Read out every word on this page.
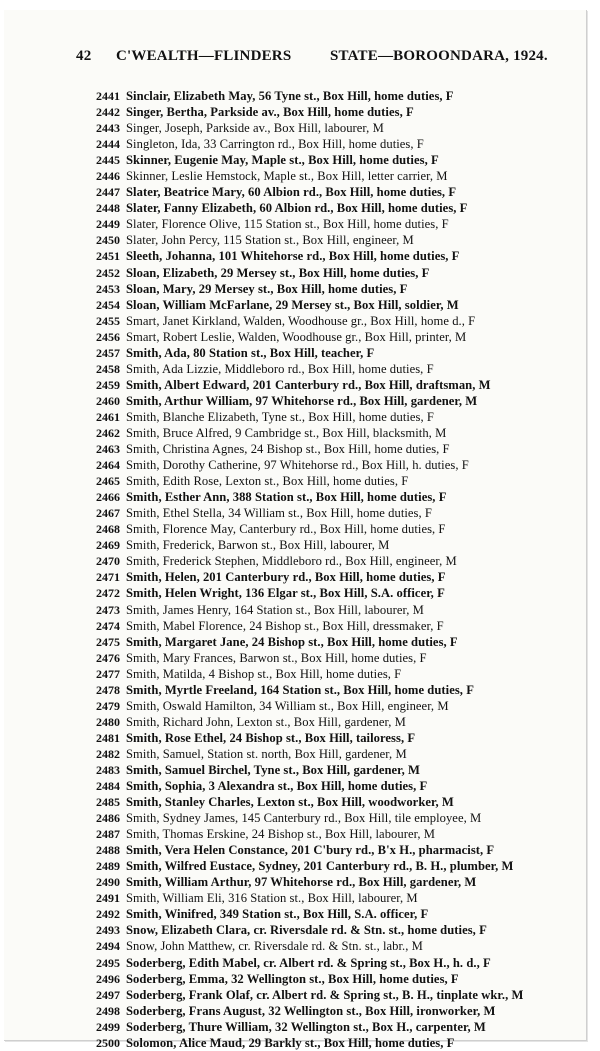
42 C'WEALTH—FLINDERS	STATE—BOROONDARA, 1924.
2441 Sinclair, Elizabeth May, 56 Tyne st., Box Hill, home duties, F
2442 Singer, Bertha, Parkside av., Box Hill, home duties, F
2443 Singer, Joseph, Parkside av., Box Hill, labourer, M
2444 Singleton, Ida, 33 Carrington rd., Box Hill, home duties, F
2445 Skinner, Eugenie May, Maple st., Box Hill, home duties, F
2446 Skinner, Leslie Hemstock, Maple st., Box Hill, letter carrier, M
2447 Slater, Beatrice Mary, 60 Albion rd., Box Hill, home duties, F
2448 Slater, Fanny Elizabeth, 60 Albion rd., Box Hill, home duties, F
2449 Slater, Florence Olive, 115 Station st., Box Hill, home duties, F
2450 Slater, John Percy, 115 Station st., Box Hill, engineer, M
2451 Sleeth, Johanna, 101 Whitehorse rd., Box Hill, home duties, F
2452 Sloan, Elizabeth, 29 Mersey st., Box Hill, home duties, F
2453 Sloan, Mary, 29 Mersey st., Box Hill, home duties, F
2454 Sloan, William McFarlane, 29 Mersey st., Box Hill, soldier, M
2455 Smart, Janet Kirkland, Walden, Woodhouse gr., Box Hill, home d., F
2456 Smart, Robert Leslie, Walden, Woodhouse gr., Box Hill, printer, M
2457 Smith, Ada, 80 Station st., Box Hill, teacher, F
2458 Smith, Ada Lizzie, Middleboro rd., Box Hill, home duties, F
2459 Smith, Albert Edward, 201 Canterbury rd., Box Hill, draftsman, M
2460 Smith, Arthur William, 97 Whitehorse rd., Box Hill, gardener, M
2461 Smith, Blanche Elizabeth, Tyne st., Box Hill, home duties, F
2462 Smith, Bruce Alfred, 9 Cambridge st., Box Hill, blacksmith, M
2463 Smith, Christina Agnes, 24 Bishop st., Box Hill, home duties, F
2464 Smith, Dorothy Catherine, 97 Whitehorse rd., Box Hill, h. duties, F
2465 Smith, Edith Rose, Lexton st., Box Hill, home duties, F
2466 Smith, Esther Ann, 388 Station st., Box Hill, home duties, F
2467 Smith, Ethel Stella, 34 William st., Box Hill, home duties, F
2468 Smith, Florence May, Canterbury rd., Box Hill, home duties, F
2469 Smith, Frederick, Barwon st., Box Hill, labourer, M
2470 Smith, Frederick Stephen, Middleboro rd., Box Hill, engineer, M
2471 Smith, Helen, 201 Canterbury rd., Box Hill, home duties, F
2472 Smith, Helen Wright, 136 Elgar st., Box Hill, S.A. officer, F
2473 Smith, James Henry, 164 Station st., Box Hill, labourer, M
2474 Smith, Mabel Florence, 24 Bishop st., Box Hill, dressmaker, F
2475 Smith, Margaret Jane, 24 Bishop st., Box Hill, home duties, F
2476 Smith, Mary Frances, Barwon st., Box Hill, home duties, F
2477 Smith, Matilda, 4 Bishop st., Box Hill, home duties, F
2478 Smith, Myrtle Freeland, 164 Station st., Box Hill, home duties, F
2479 Smith, Oswald Hamilton, 34 William st., Box Hill, engineer, M
2480 Smith, Richard John, Lexton st., Box Hill, gardener, M
2481 Smith, Rose Ethel, 24 Bishop st., Box Hill, tailoress, F
2482 Smith, Samuel, Station st. north, Box Hill, gardener, M
2483 Smith, Samuel Birchel, Tyne st., Box Hill, gardener, M
2484 Smith, Sophia, 3 Alexandra st., Box Hill, home duties, F
2485 Smith, Stanley Charles, Lexton st., Box Hill, woodworker, M
2486 Smith, Sydney James, 145 Canterbury rd., Box Hill, tile employee, M
2487 Smith, Thomas Erskine, 24 Bishop st., Box Hill, labourer, M
2488 Smith, Vera Helen Constance, 201 C'bury rd., B'x H., pharmacist, F
2489 Smith, Wilfred Eustace, Sydney, 201 Canterbury rd., B. H., plumber, M
2490 Smith, William Arthur, 97 Whitehorse rd., Box Hill, gardener, M
2491 Smith, William Eli, 316 Station st., Box Hill, labourer, M
2492 Smith, Winifred, 349 Station st., Box Hill, S.A. officer, F
2493 Snow, Elizabeth Clara, cr. Riversdale rd. & Stn. st., home duties, F
2494 Snow, John Matthew, cr. Riversdale rd. & Stn. st., labr., M
2495 Soderberg, Edith Mabel, cr. Albert rd. & Spring st., Box H., h. d., F
2496 Soderberg, Emma, 32 Wellington st., Box Hill, home duties, F
2497 Soderberg, Frank Olaf, cr. Albert rd. & Spring st., B. H., tinplate wkr., M
2498 Soderberg, Frans August, 32 Wellington st., Box Hill, ironworker, M
2499 Soderberg, Thure William, 32 Wellington st., Box H., carpenter, M
2500 Solomon, Alice Maud, 29 Barkly st., Box Hill, home duties, F
